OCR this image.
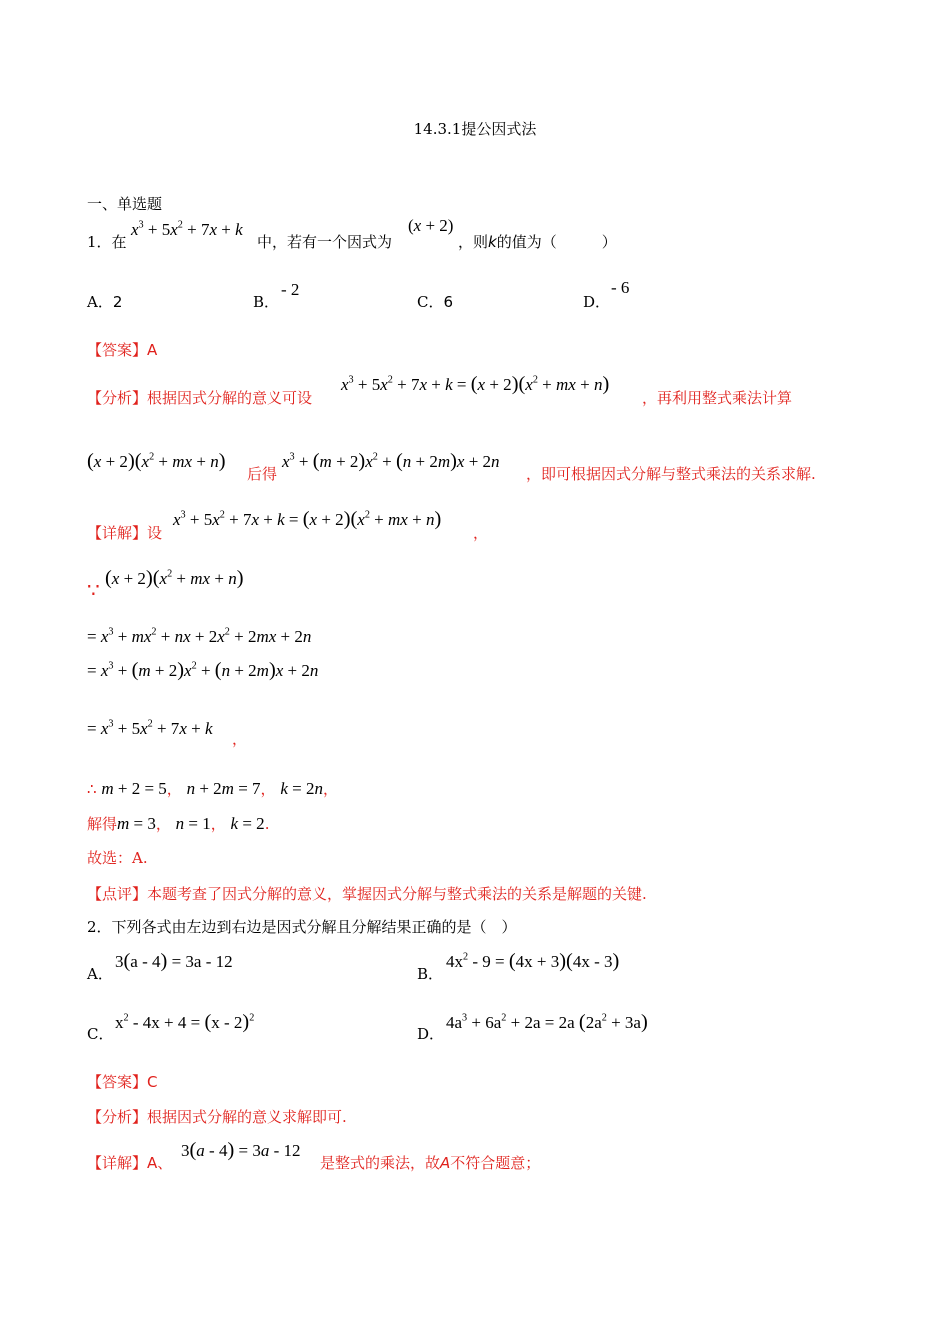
14.3.1提公因式法
一、单选题
1．在
$x^3 + 5x^2 + 7x + k$
中，若有一个因式为
(x + 2)
，则k的值为（　　　）
A．2	B．
- 2
C．6	D．
- 6
【答案】A
【分析】根据因式分解的意义可设
$x^3 + 5x^2 + 7x + k = (x + 2)(x^2$ + mx + n)
，再利用整式乘法计算
$(x + 2)(x^2$ + mx + n)
后得
$x^3 + (m + 2)x^2 + (n + 2m)x + 2n$
，即可根据因式分解与整式乘法的关系求解.
【详解】设
$x^3 + 5x^2 + 7x + k = (x + 2)(x^2$ + mx + n)
，
∵ $(x + 2)(x^2$ + mx + n)
= $x^3 + mx^2$ + nx + $2x^2 + 2mx + 2n$
= $x^3 + (m + 2)x^2 + (n + 2m)x + 2n$
= $x^3 + 5x^2 + 7x + k$
，
∴ m + 2 = 5， n + 2m = 7， k = 2n，
解得m = 3， n = 1， k = 2.
故选：A.
【点评】本题考查了因式分解的意义，掌握因式分解与整式乘法的关系是解题的关键.
2．下列各式由左边到右边是因式分解且分解结果正确的是（　）
A．
3(a - 4) = 3a - 12
B．
$4x^2 - 9 = (4x + 3)(4x - 3)$
C．
$x^2 - 4x + 4 = (x - 2)^2$
D．
$4a^3 + 6a^2 + 2a = 2a$ $(2a^2 + 3a)$
【答案】C
【分析】根据因式分解的意义求解即可.
【详解】A、
3(a - 4) = 3a - 12
是整式的乘法，故A不符合题意；
